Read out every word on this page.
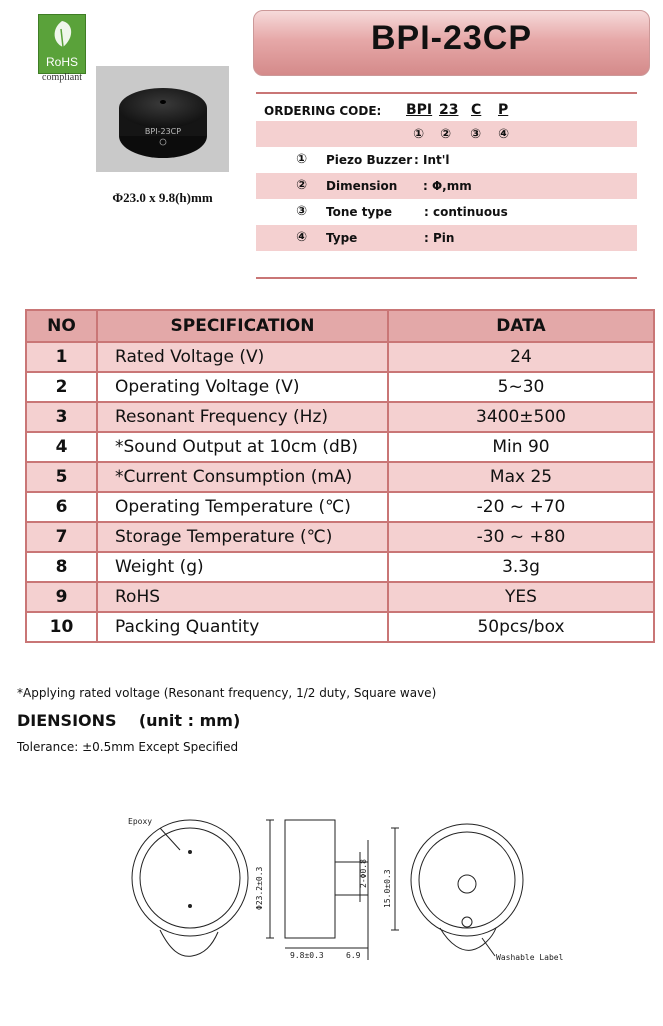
RoHS
compliant
BPI-23CP
Φ23.0 x 9.8(h)mm
BPI-23CP
ORDERING CODE: BPI 23 C P
① ② ③ ④
① Piezo Buzzer : Int'l
② Dimension : Φ,mm
③ Tone type	: continuous
④ Type	: Pin
NO	SPECIFICATION	DATA
1	Rated Voltage (V)	24
2	Operating Voltage (V)	5~30
3	Resonant Frequency (Hz)	3400±500
4	*Sound Output at 10cm (dB)	Min 90
5	*Current Consumption (mA)	Max 25
6	Operating Temperature (℃)	-20 ~ +70
7	Storage Temperature (℃)	-30 ~ +80
8	Weight (g)	3.3g
9	RoHS	YES
10	Packing Quantity	50pcs/box
*Applying rated voltage (Resonant frequency, 1/2 duty, Square wave)
DIENSIONS    (unit : mm)
Tolerance: ±0.5mm Except Specified
Epoxy
Φ23.2±0.3	2-Φ0.8 15.0±0.3
9.8±0.3	6.9	Washable Label
